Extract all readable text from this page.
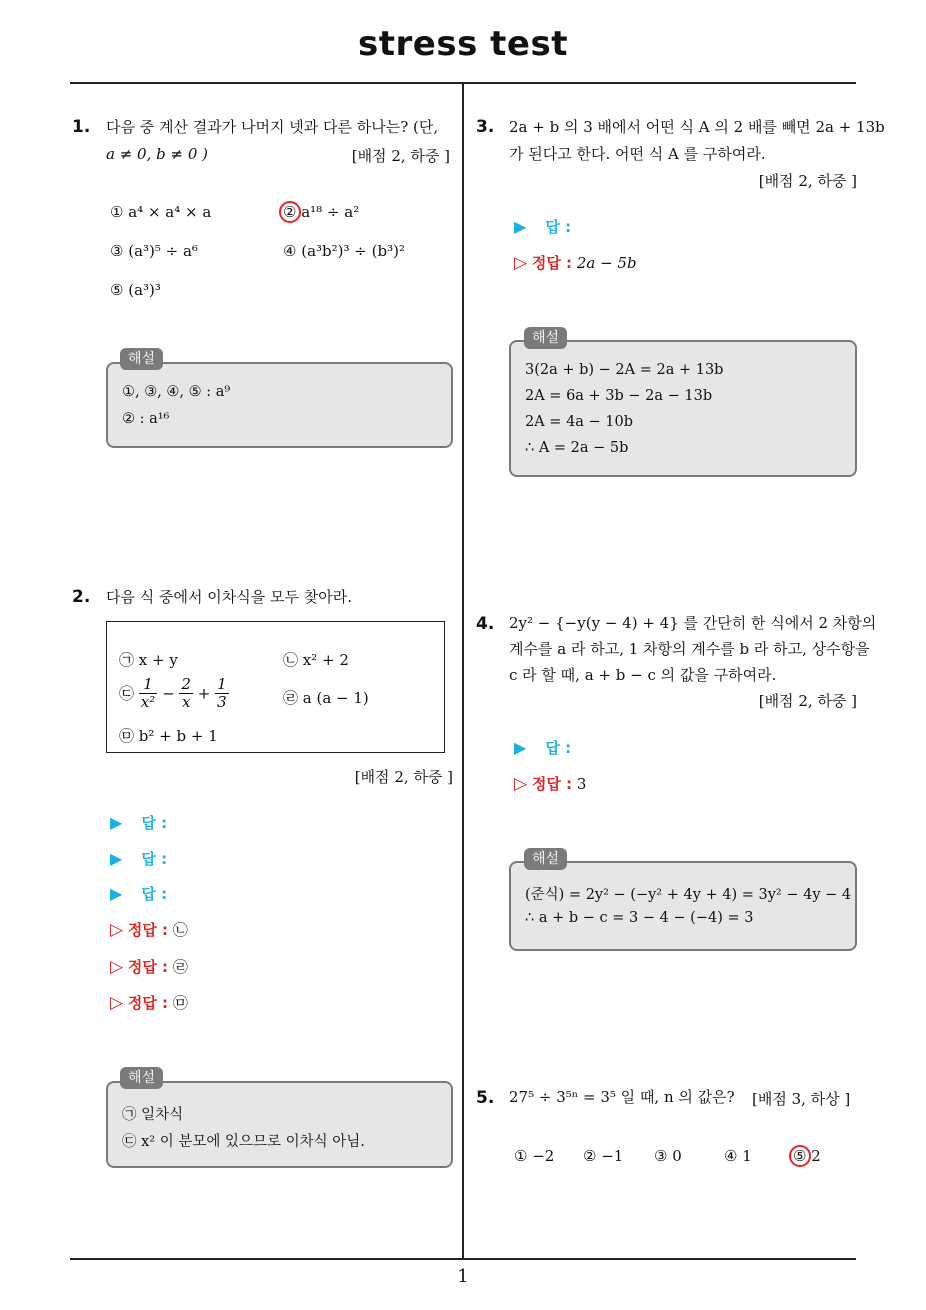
stress test
1
1. 다음 중 계산 결과가 나머지 넷과 다른 하나는? (단,
a ≠ 0, b ≠ 0 )	[배점 2, 하중 ]
① a⁴ × a⁴ × a	② a¹⁸ ÷ a²
③ (a³)⁵ ÷ a⁶	④ (a³b²)³ ÷ (b³)²
⑤ (a³)³
①, ③, ④, ⑤ : a⁹
② : a¹⁶
해설
2. 다음 식 중에서 이차식을 모두 찾아라.
㉠ x + y	㉡ x² + 2
㉢ $\frac{1}{\text{x²}} - \frac{2}{x} + \frac{1}{3}$	㉣ a (a − 1)
㉤ b² + b + 1
[배점 2, 하중 ]
▶ 답 :
▶ 답 :
▶ 답 :
▷ 정답 : ㉡
▷ 정답 : ㉣
▷ 정답 : ㉤
㉠ 일차식
㉢ x² 이 분모에 있으므로 이차식 아님.
해설
3. 2a + b 의 3 배에서 어떤 식 A 의 2 배를 빼면 2a + 13b
가 된다고 한다. 어떤 식 A 를 구하여라.
[배점 2, 하중 ]
▶ 답 :
▷ 정답 : 2a − 5b
3(2a + b) − 2A = 2a + 13b
2A = 6a + 3b − 2a − 13b
2A = 4a − 10b
∴ A = 2a − 5b
해설
4. 2y² − {−y(y − 4) + 4} 를 간단히 한 식에서 2 차항의
계수를 a 라 하고, 1 차항의 계수를 b 라 하고, 상수항을
c 라 할 때, a + b − c 의 값을 구하여라.
[배점 2, 하중 ]
▶ 답 :
▷ 정답 : 3
(준식) = 2y² − (−y² + 4y + 4) = 3y² − 4y − 4
∴ a + b − c = 3 − 4 − (−4) = 3
해설
5. 27⁵ ÷ 3⁵ⁿ = 3⁵ 일 때, n 의 값은? [배점 3, 하상 ]
① −2 ② −1 ③ 0	④ 1	⑤ 2
